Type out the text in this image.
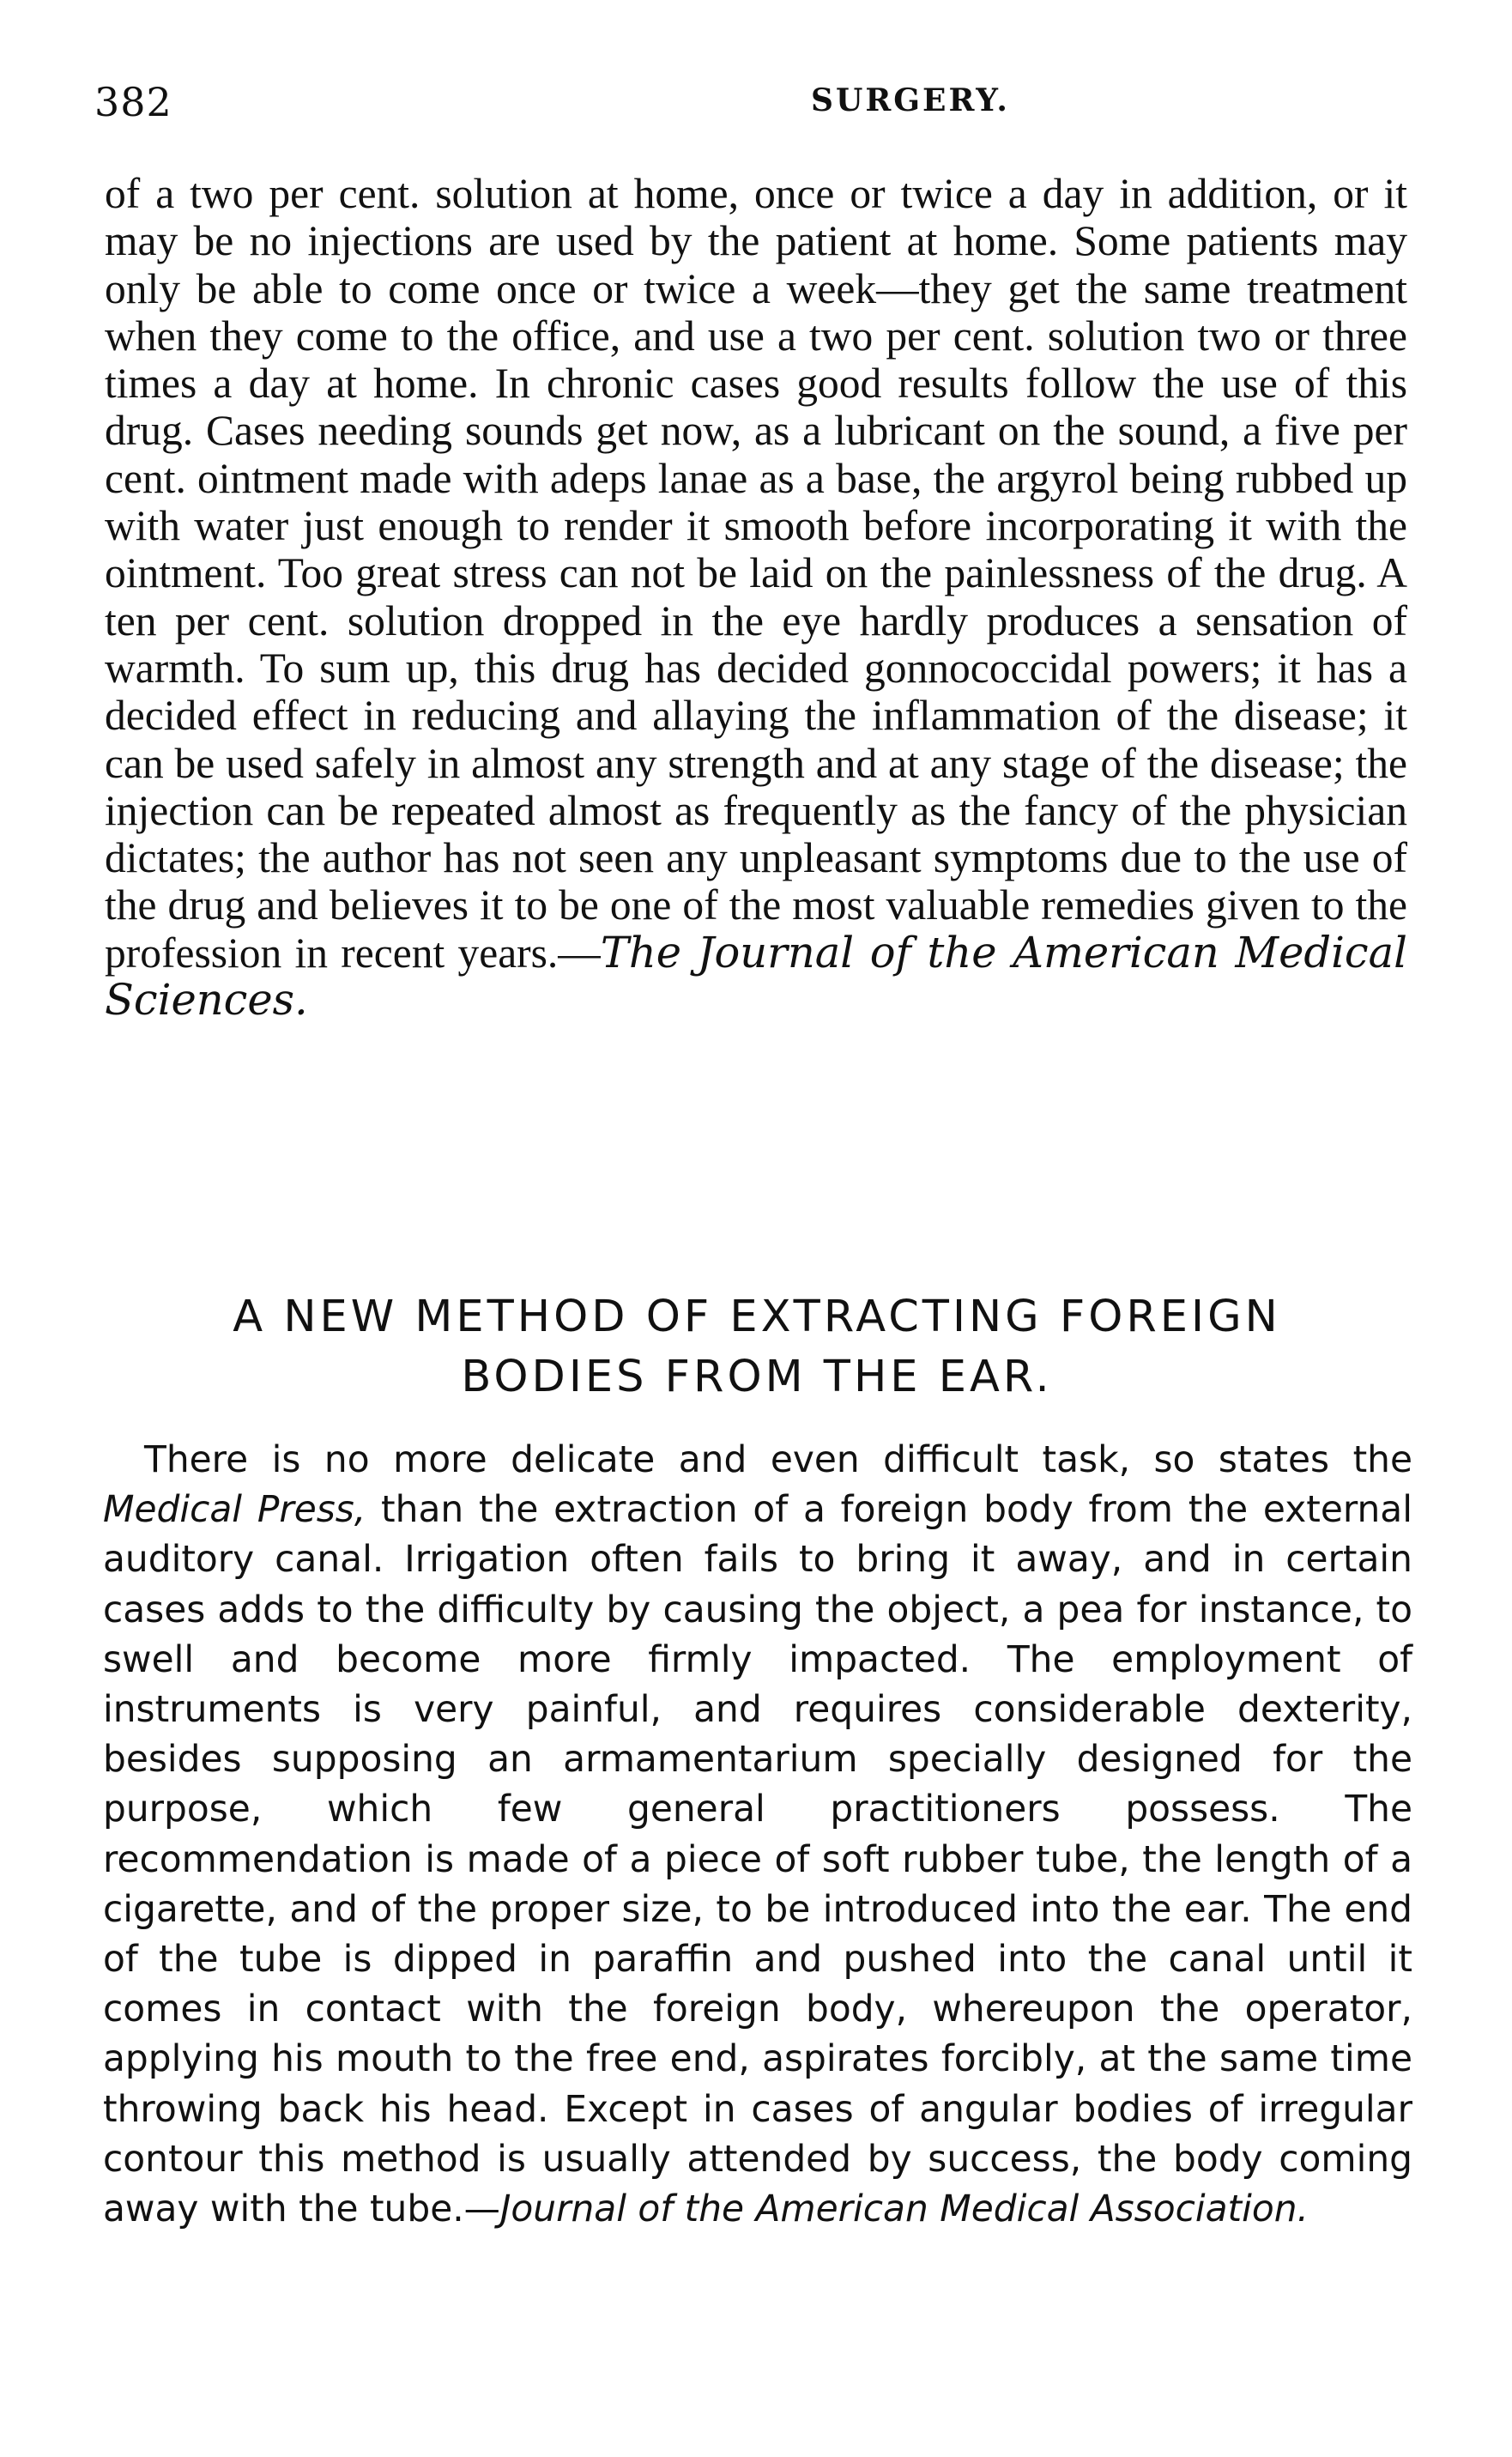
382	SURGERY.

of a two per cent. solution at home, once or twice a day in addition, or it may be no injections are used by the patient at home. Some patients may only be able to come once or twice a week—they get the same treatment when they come to the office, and use a two per cent. solution two or three times a day at home. In chronic cases good results follow the use of this drug. Cases needing sounds get now, as a lubricant on the sound, a five per cent. ointment made with adeps lanae as a base, the argyrol being rubbed up with water just enough to render it smooth before incorporating it with the ointment. Too great stress can not be laid on the painlessness of the drug. A ten per cent. solution dropped in the eye hardly produces a sensation of warmth. To sum up, this drug has decided gonnococcidal powers; it has a decided effect in reducing and allaying the inflammation of the disease; it can be used safely in almost any strength and at any stage of the disease; the injection can be repeated almost as frequently as the fancy of the physician dictates; the author has not seen any unpleasant symptoms due to the use of the drug and believes it to be one of the most valuable remedies given to the profession in recent years.—The Journal of the American Medical Sciences.

A NEW METHOD OF EXTRACTING FOREIGN
BODIES FROM THE EAR.

There is no more delicate and even difficult task, so states the Medical Press, than the extraction of a foreign body from the external auditory canal. Irrigation often fails to bring it away, and in certain cases adds to the difficulty by causing the object, a pea for instance, to swell and become more firmly impacted. The employment of instruments is very painful, and requires considerable dexterity, besides supposing an armamentarium specially designed for the purpose, which few general practitioners possess. The recommendation is made of a piece of soft rubber tube, the length of a cigarette, and of the proper size, to be introduced into the ear. The end of the tube is dipped in paraffin and pushed into the canal until it comes in contact with the foreign body, whereupon the operator, applying his mouth to the free end, aspirates forcibly, at the same time throwing back his head. Except in cases of angular bodies of irregular contour this method is usually attended by success, the body coming away with the tube.—Journal of the American Medical Association.
